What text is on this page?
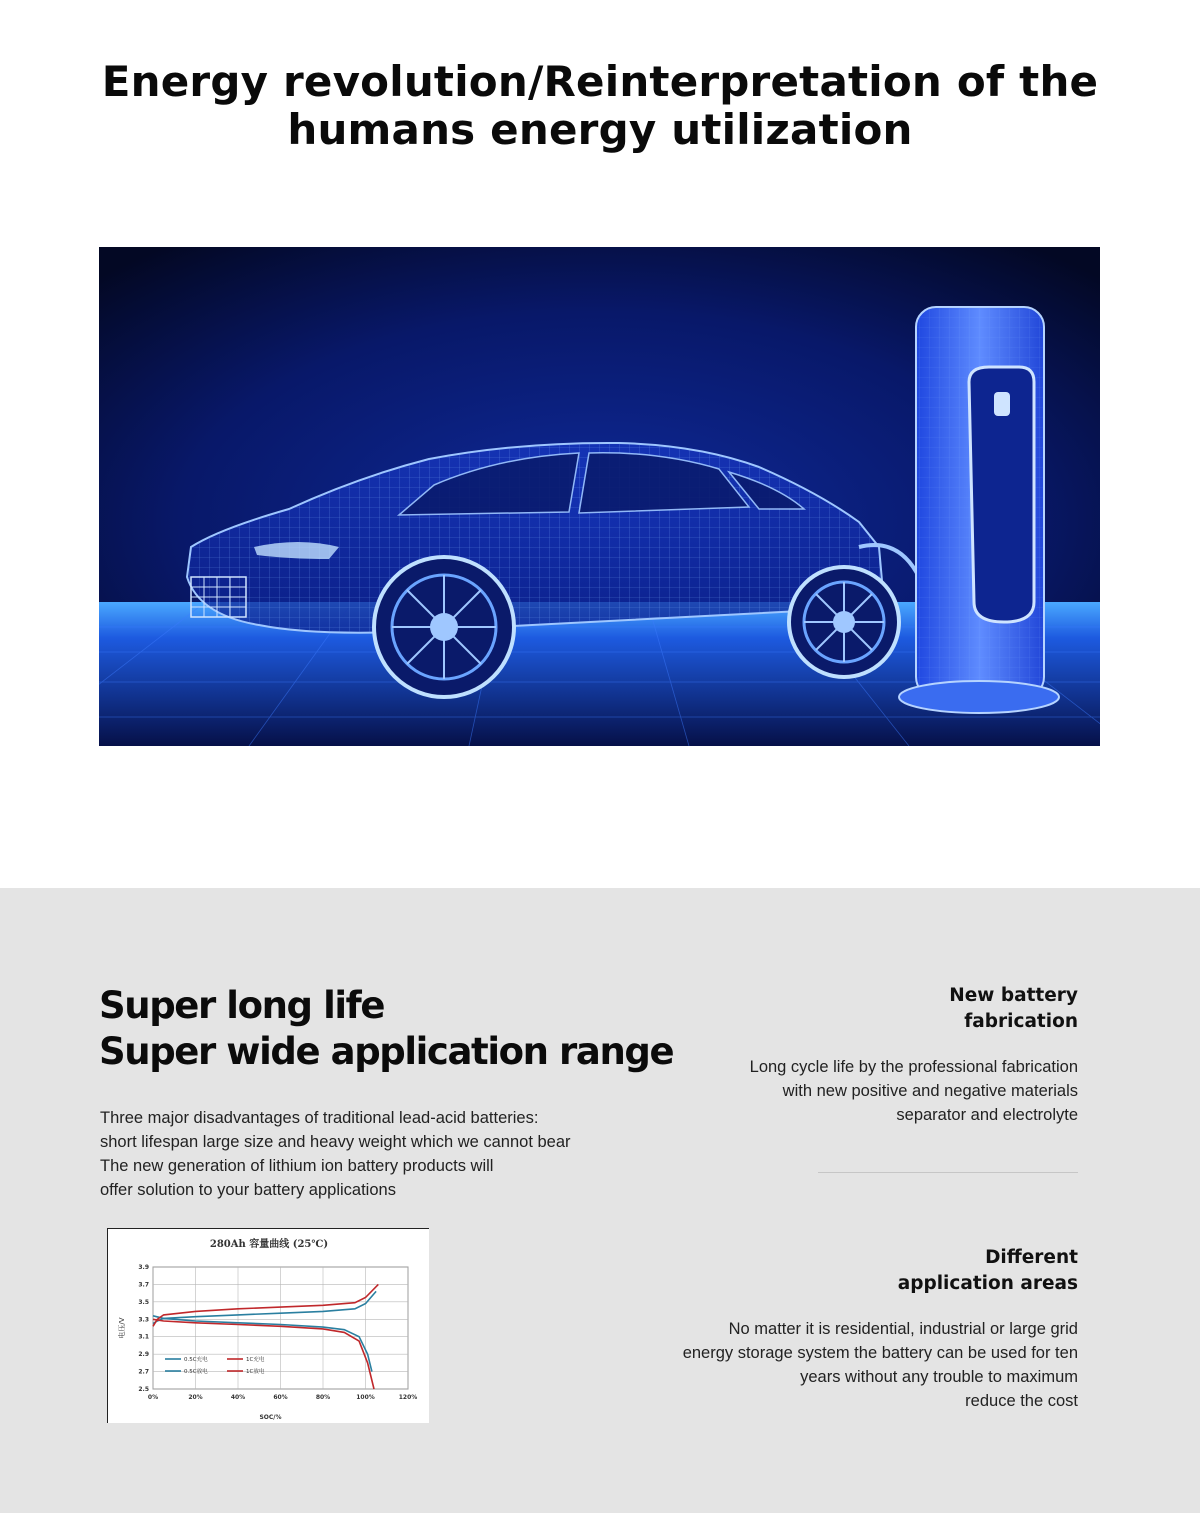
Energy revolution/Reinterpretation of the
humans energy utilization
Super long life
Super wide application range
Three major disadvantages of traditional lead-acid batteries:
short lifespan large size and heavy weight which we cannot bear
The new generation of lithium ion battery products will
offer solution to your battery applications
0%	20%	40%	60%	80%	100%	120%
2.5
2.7
2.9
3.1
3.3
3.5
3.7
3.9
280Ah 容量曲线 (25℃)
SOC/%
电压/V
0.5C充电	1C充电
0.5C放电	1C放电
New battery
fabrication
Long cycle life by the professional fabrication
with new positive and negative materials
separator and electrolyte
Different
application areas
No matter it is residential, industrial or large grid
energy storage system the battery can be used for ten
years without any trouble to maximum
reduce the cost
